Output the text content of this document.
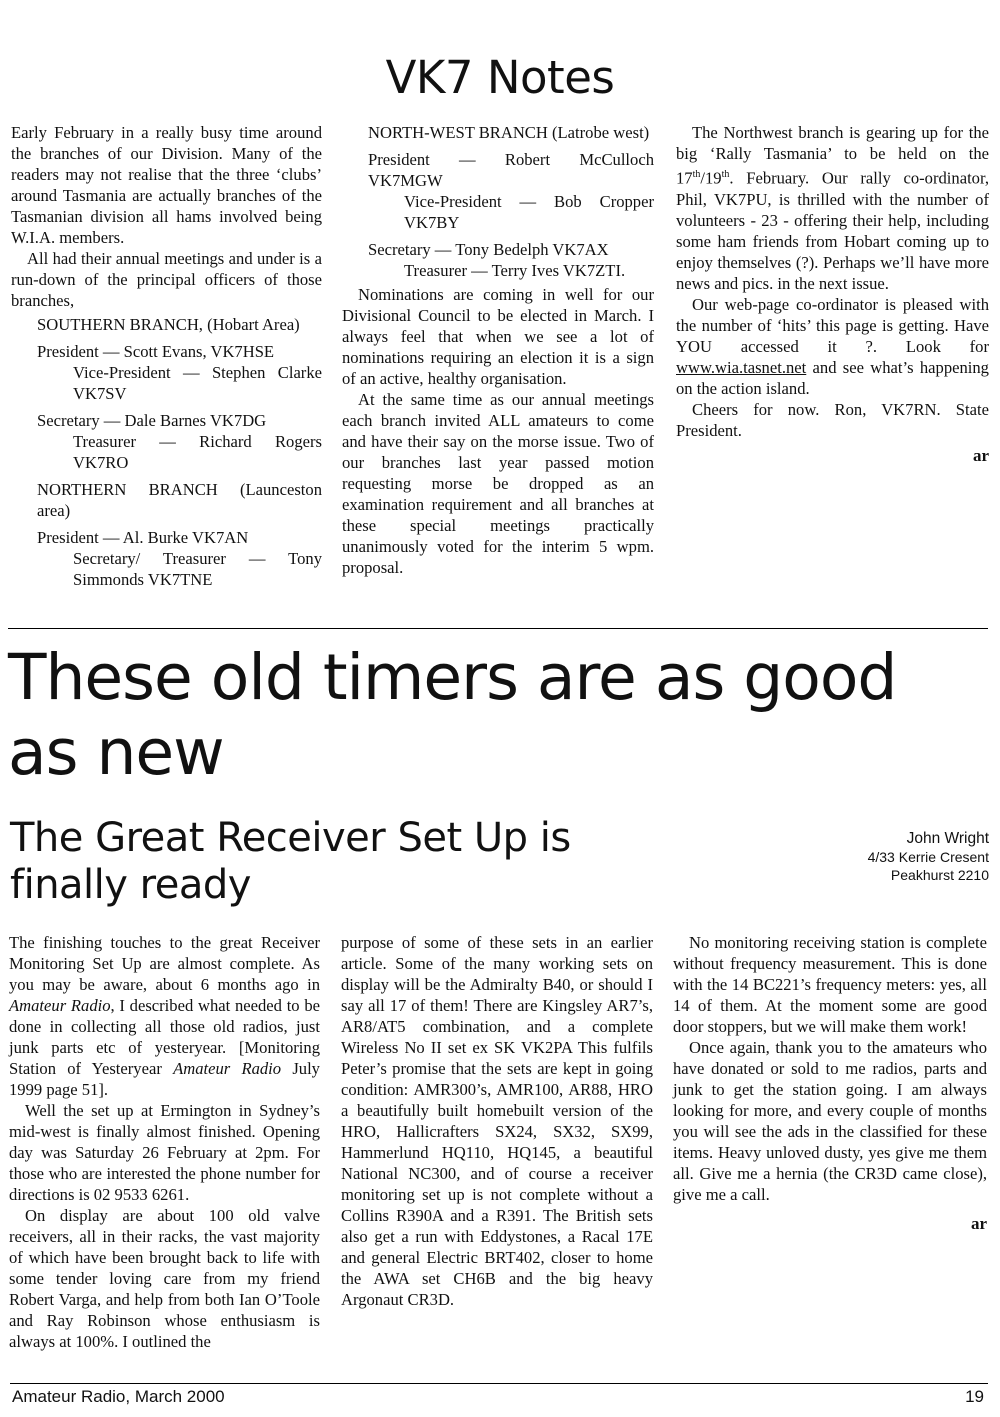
VK7 Notes

Early February in a really busy time around the branches of our Division. Many of the readers may not realise that the three ‘clubs’ around Tasmania are actually branches of the Tasmanian division all hams involved being W.I.A. members.

All had their annual meetings and under is a run-down of the principal officers of those branches,

SOUTHERN BRANCH, (Hobart Area)
President — Scott Evans, VK7HSE
Vice-President — Stephen Clarke VK7SV
Secretary — Dale Barnes VK7DG
Treasurer — Richard Rogers VK7RO
NORTHERN BRANCH (Launceston area)
President — Al. Burke VK7AN
Secretary/ Treasurer — Tony Simmonds VK7TNE
NORTH-WEST BRANCH (Latrobe west)
President — Robert McCulloch VK7MGW
Vice-President — Bob Cropper VK7BY
Secretary — Tony Bedelph VK7AX
Treasurer — Terry Ives VK7ZTI.

Nominations are coming in well for our Divisional Council to be elected in March. I always feel that when we see a lot of nominations requiring an election it is a sign of an active, healthy organisation.

At the same time as our annual meetings each branch invited ALL amateurs to come and have their say on the morse issue. Two of our branches last year passed motion requesting morse be dropped as an examination requirement and all branches at these special meetings practically unanimously voted for the interim 5 wpm. proposal.

The Northwest branch is gearing up for the big ‘Rally Tasmania’ to be held on the 17th/19th. February. Our rally co-ordinator, Phil, VK7PU, is thrilled with the number of volunteers - 23 - offering their help, including some ham friends from Hobart coming up to enjoy themselves (?). Perhaps we’ll have more news and pics. in the next issue.

Our web-page co-ordinator is pleased with the number of ‘hits’ this page is getting. Have YOU accessed it ?. Look for www.wia.tasnet.net and see what’s happening on the action island.

Cheers for now. Ron, VK7RN. State President.

ar
These old timers are as good as new
The Great Receiver Set Up is finally ready
John Wright
4/33 Kerrie Cresent
Peakhurst 2210

The finishing touches to the great Receiver Monitoring Set Up are almost complete. As you may be aware, about 6 months ago in Amateur Radio, I described what needed to be done in collecting all those old radios, just junk parts etc of yesteryear. [Monitoring Station of Yesteryear Amateur Radio July 1999 page 51].

Well the set up at Ermington in Sydney’s mid-west is finally almost finished. Opening day was Saturday 26 February at 2pm. For those who are interested the phone number for directions is 02 9533 6261.

On display are about 100 old valve receivers, all in their racks, the vast majority of which have been brought back to life with some tender loving care from my friend Robert Varga, and help from both Ian O’Toole and Ray Robinson whose enthusiasm is always at 100%. I outlined the

purpose of some of these sets in an earlier article. Some of the many working sets on display will be the Admiralty B40, or should I say all 17 of them! There are Kingsley AR7’s, AR8/AT5 combination, and a complete Wireless No II set ex SK VK2PA This fulfils Peter’s promise that the sets are kept in going condition: AMR300’s, AMR100, AR88, HRO a beautifully built homebuilt version of the HRO, Hallicrafters SX24, SX32, SX99, Hammerlund HQ110, HQ145, a beautiful National NC300, and of course a receiver monitoring set up is not complete without a Collins R390A and a R391. The British sets also get a run with Eddystones, a Racal 17E and general Electric BRT402, closer to home the AWA set CH6B and the big heavy Argonaut CR3D.

No monitoring receiving station is complete without frequency measurement. This is done with the 14 BC221’s frequency meters: yes, all 14 of them. At the moment some are good door stoppers, but we will make them work!

Once again, thank you to the amateurs who have donated or sold to me radios, parts and junk to get the station going. I am always looking for more, and every couple of months you will see the ads in the classified for these items. Heavy unloved dusty, yes give me them all. Give me a hernia (the CR3D came close), give me a call.

ar
Amateur Radio, March 2000	19
